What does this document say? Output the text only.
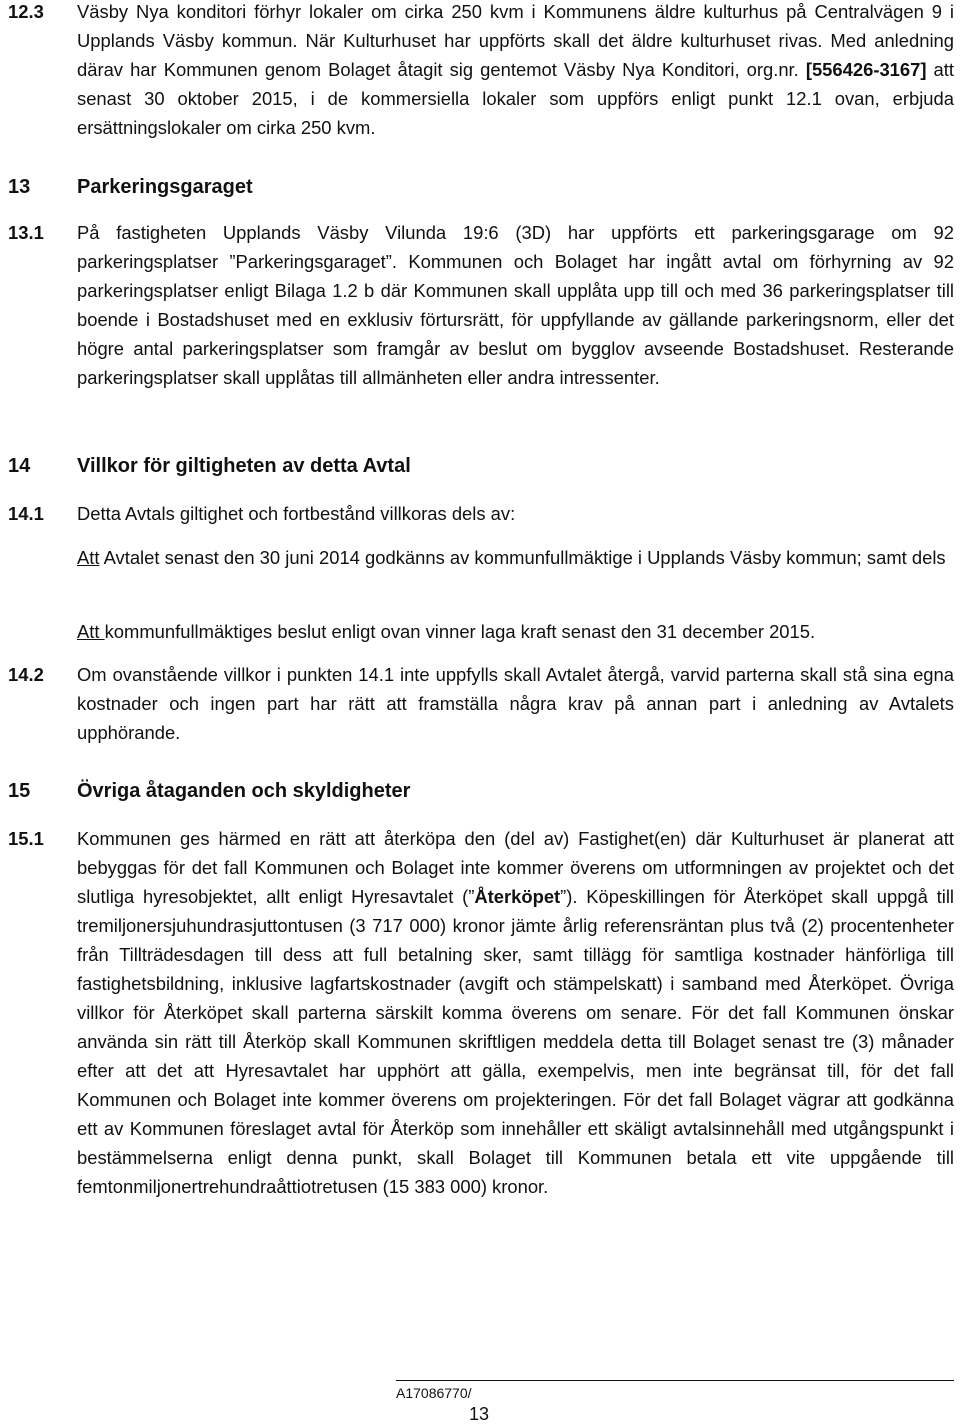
12.3 Väsby Nya konditori förhyr lokaler om cirka 250 kvm i Kommunens äldre kulturhus på Centralvägen 9 i Upplands Väsby kommun. När Kulturhuset har uppförts skall det äldre kulturhuset rivas. Med anledning därav har Kommunen genom Bolaget åtagit sig gentemot Väsby Nya Konditori, org.nr. [556426-3167] att senast 30 oktober 2015, i de kommersiella lokaler som uppförs enligt punkt 12.1 ovan, erbjuda ersättningslokaler om cirka 250 kvm.
13 Parkeringsgaraget
13.1 På fastigheten Upplands Väsby Vilunda 19:6 (3D) har uppförts ett parkeringsgarage om 92 parkeringsplatser ”Parkeringsgaraget”. Kommunen och Bolaget har ingått avtal om förhyrning av 92 parkeringsplatser enligt Bilaga 1.2 b där Kommunen skall upplåta upp till och med 36 parkeringsplatser till boende i Bostadshuset med en exklusiv förtursrätt, för uppfyllande av gällande parkeringsnorm, eller det högre antal parkeringsplatser som framgår av beslut om bygglov avseende Bostadshuset. Resterande parkeringsplatser skall upplåtas till allmänheten eller andra intressenter.
14 Villkor för giltigheten av detta Avtal
14.1 Detta Avtals giltighet och fortbestånd villkoras dels av:
Att Avtalet senast den 30 juni 2014 godkänns av kommunfullmäktige i Upplands Väsby kommun; samt dels
Att kommunfullmäktiges beslut enligt ovan vinner laga kraft senast den 31 december 2015.
14.2 Om ovanstående villkor i punkten 14.1 inte uppfylls skall Avtalet återgå, varvid parterna skall stå sina egna kostnader och ingen part har rätt att framställa några krav på annan part i anledning av Avtalets upphörande.
15 Övriga åtaganden och skyldigheter
15.1 Kommunen ges härmed en rätt att återköpa den (del av) Fastighet(en) där Kulturhuset är planerat att bebyggas för det fall Kommunen och Bolaget inte kommer överens om utformningen av projektet och det slutliga hyresobjektet, allt enligt Hyresavtalet (”Återköpet”). Köpeskillingen för Återköpet skall uppgå till tremiljonersjuhundrasjuttontusen (3 717 000) kronor jämte årlig referensräntan plus två (2) procentenheter från Tillträdesdagen till dess att full betalning sker, samt tillägg för samtliga kostnader hänförliga till fastighetsbildning, inklusive lagfartskostnader (avgift och stämpelskatt) i samband med Återköpet. Övriga villkor för Återköpet skall parterna särskilt komma överens om senare. För det fall Kommunen önskar använda sin rätt till Återköp skall Kommunen skriftligen meddela detta till Bolaget senast tre (3) månader efter att det att Hyresavtalet har upphört att gälla, exempelvis, men inte begränsat till, för det fall Kommunen och Bolaget inte kommer överens om projekteringen. För det fall Bolaget vägrar att godkänna ett av Kommunen föreslaget avtal för Återköp som innehåller ett skäligt avtalsinnehåll med utgångspunkt i bestämmelserna enligt denna punkt, skall Bolaget till Kommunen betala ett vite uppgående till femtonmiljonertrehundraåttiotretusen (15 383 000) kronor.
A17086770/
13
